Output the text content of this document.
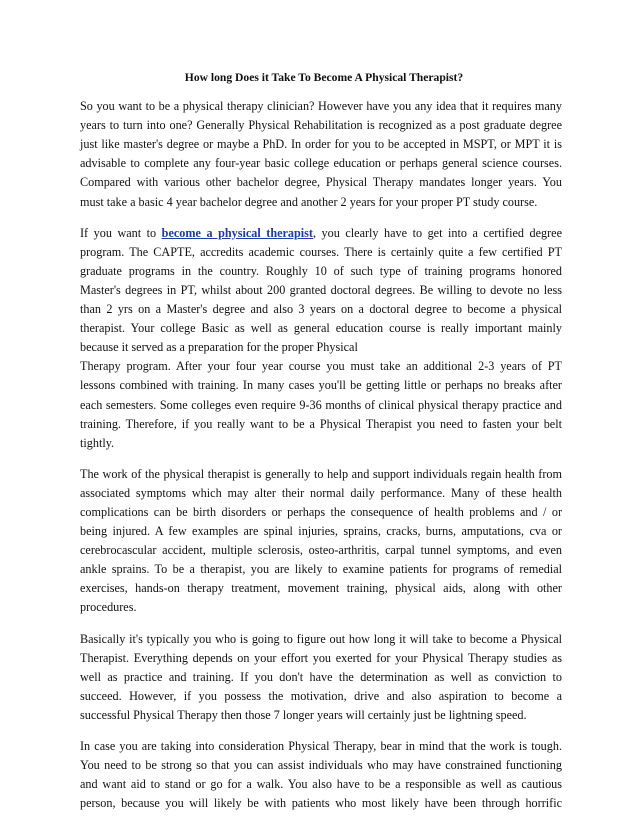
How long Does it Take To Become A Physical Therapist?
So you want to be a physical therapy clinician? However have you any idea that it requires many
years to turn into one? Generally Physical Rehabilitation is recognized as a post graduate degree
just like master's degree or maybe a PhD. In order for you to be accepted in MSPT, or MPT it is
advisable to complete any four-year basic college education or perhaps general science courses.
Compared with various other bachelor degree, Physical Therapy mandates longer years. You
must take a basic 4 year bachelor degree and another 2 years for your proper PT study course.
If you want to become a physical therapist, you clearly have to get into a certified degree
program. The CAPTE, accredits academic courses. There is certainly quite a few certified PT
graduate programs in the country. Roughly 10 of such type of training programs honored
Master's degrees in PT, whilst about 200 granted doctoral degrees. Be willing to devote no less
than 2 yrs on a Master's degree and also 3 years on a doctoral degree to become a physical
therapist. Your college Basic as well as general education course is really important mainly
because it served as a preparation for the proper Physical
Therapy program. After your four year course you must take an additional 2-3 years of PT
lessons combined with training. In many cases you'll be getting little or perhaps no breaks after
each semesters. Some colleges even require 9-36 months of clinical physical therapy practice and
training. Therefore, if you really want to be a Physical Therapist you need to fasten your belt
tightly.
The work of the physical therapist is generally to help and support individuals regain health from
associated symptoms which may alter their normal daily performance. Many of these health
complications can be birth disorders or perhaps the consequence of health problems and / or
being injured. A few examples are spinal injuries, sprains, cracks, burns, amputations, cva or
cerebrocascular accident, multiple sclerosis, osteo-arthritis, carpal tunnel symptoms, and even
ankle sprains. To be a therapist, you are likely to examine patients for programs of remedial
exercises, hands-on therapy treatment, movement training, physical aids, along with other
procedures.
Basically it's typically you who is going to figure out how long it will take to become a Physical
Therapist. Everything depends on your effort you exerted for your Physical Therapy studies as
well as practice and training. If you don't have the determination as well as conviction to
succeed. However, if you possess the motivation, drive and also aspiration to become a
successful Physical Therapy then those 7 longer years will certainly just be lightning speed.
In case you are taking into consideration Physical Therapy, bear in mind that the work is tough.
You need to be strong so that you can assist individuals who may have constrained functioning
and want aid to stand or go for a walk. You also have to be a responsible as well as cautious
person, because you will likely be with patients who most likely have been through horrific
